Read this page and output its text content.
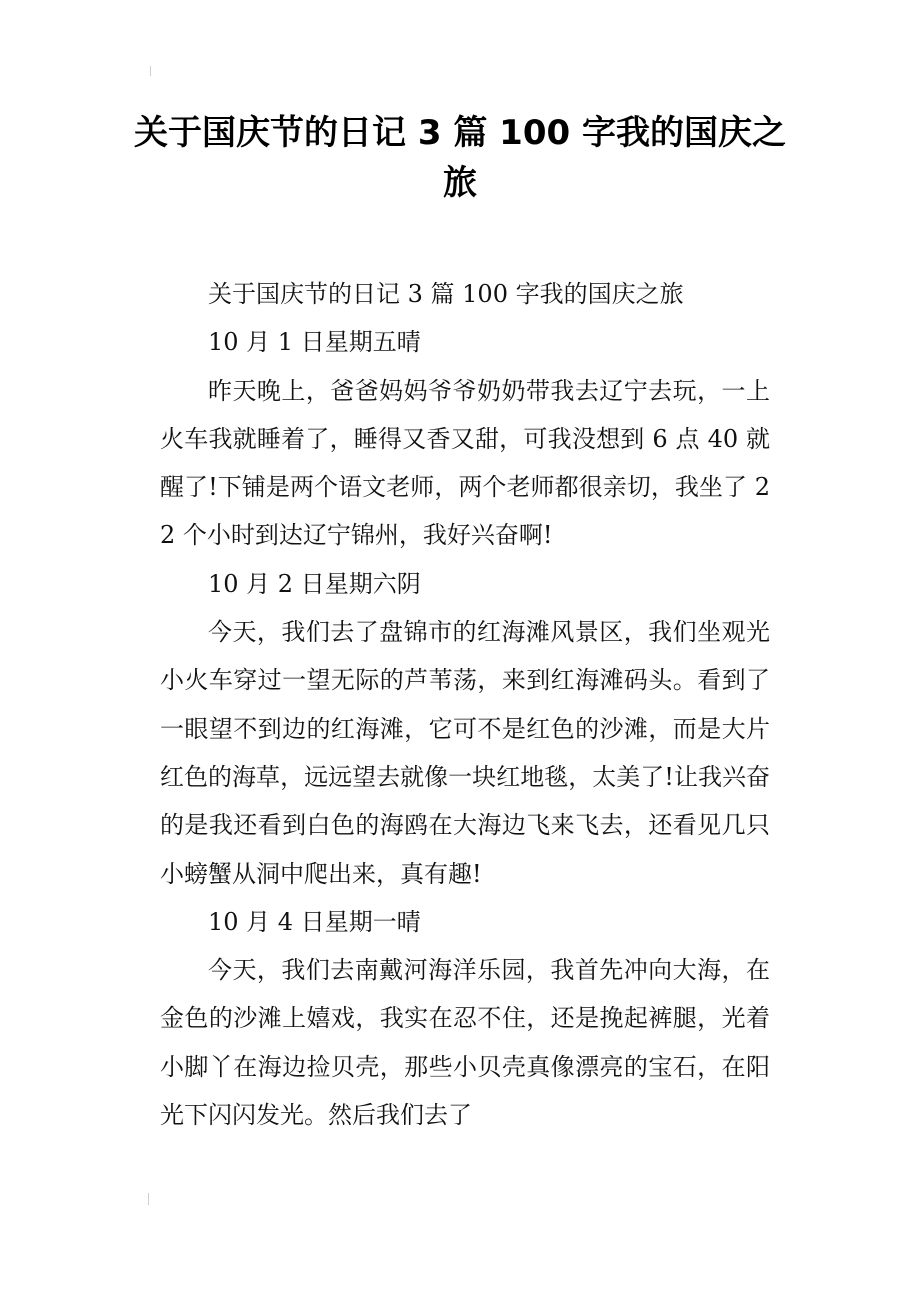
关于国庆节的日记 3 篇 100 字我的国庆之旅

关于国庆节的日记 3 篇 100 字我的国庆之旅

10 月 1 日星期五晴

昨天晚上，爸爸妈妈爷爷奶奶带我去辽宁去玩，一上火车我就睡着了，睡得又香又甜，可我没想到 6 点 40 就醒了!下铺是两个语文老师，两个老师都很亲切，我坐了 22 个小时到达辽宁锦州，我好兴奋啊!

10 月 2 日星期六阴

今天，我们去了盘锦市的红海滩风景区，我们坐观光小火车穿过一望无际的芦苇荡，来到红海滩码头。看到了一眼望不到边的红海滩，它可不是红色的沙滩，而是大片红色的海草，远远望去就像一块红地毯，太美了!让我兴奋的是我还看到白色的海鸥在大海边飞来飞去，还看见几只小螃蟹从洞中爬出来，真有趣!

10 月 4 日星期一晴

今天，我们去南戴河海洋乐园，我首先冲向大海，在金色的沙滩上嬉戏，我实在忍不住，还是挽起裤腿，光着小脚丫在海边捡贝壳，那些小贝壳真像漂亮的宝石，在阳光下闪闪发光。然后我们去了
